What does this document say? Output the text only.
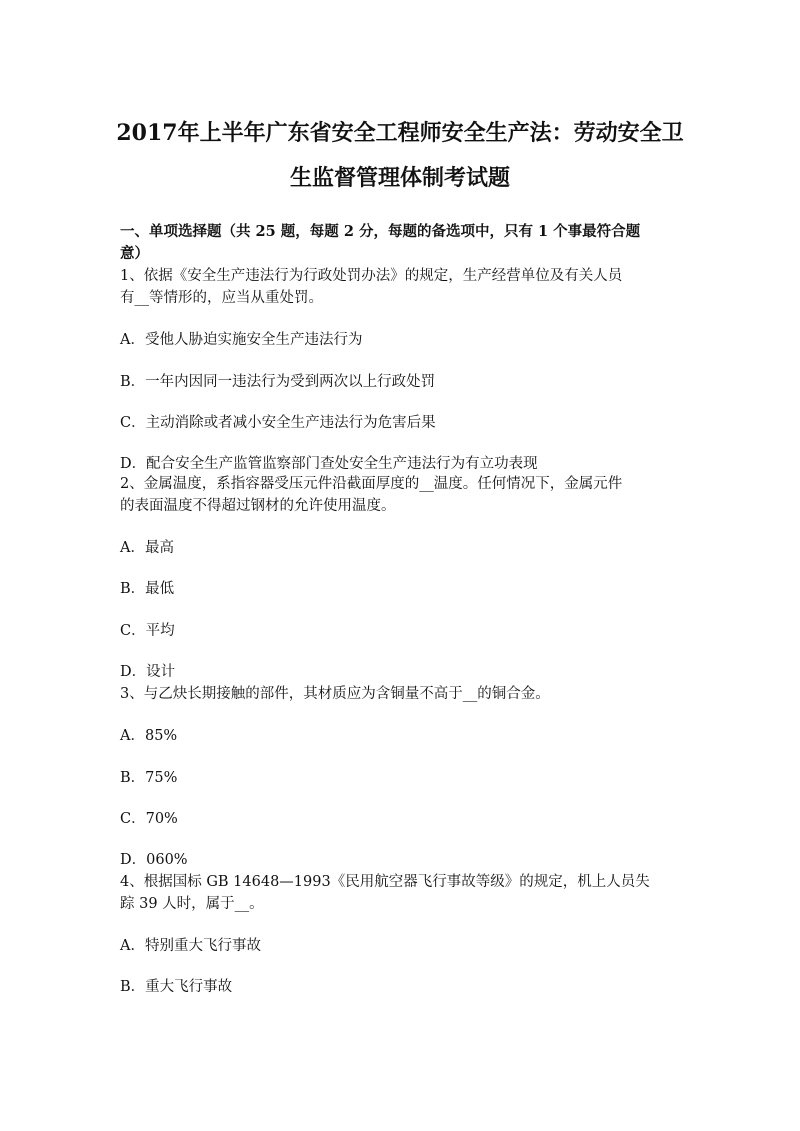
2017年上半年广东省安全工程师安全生产法：劳动安全卫
生监督管理体制考试题

一、单项选择题（共 25 题，每题 2 分，每题的备选项中，只有 1 个事最符合题

意）

1、依据《安全生产违法行为行政处罚办法》的规定，生产经营单位及有关人员

有__等情形的，应当从重处罚。

A．受他人胁迫实施安全生产违法行为

B．一年内因同一违法行为受到两次以上行政处罚

C．主动消除或者减小安全生产违法行为危害后果

D．配合安全生产监管监察部门查处安全生产违法行为有立功表现

2、金属温度，系指容器受压元件沿截面厚度的__温度。任何情况下，金属元件

的表面温度不得超过钢材的允许使用温度。

A．最高

B．最低

C．平均

D．设计

3、与乙炔长期接触的部件，其材质应为含铜量不高于__的铜合金。

A．85%

B．75%

C．70%

D．060%

4、根据国标 GB 14648—1993《民用航空器飞行事故等级》的规定，机上人员失

踪 39 人时，属于__。

A．特别重大飞行事故

B．重大飞行事故
